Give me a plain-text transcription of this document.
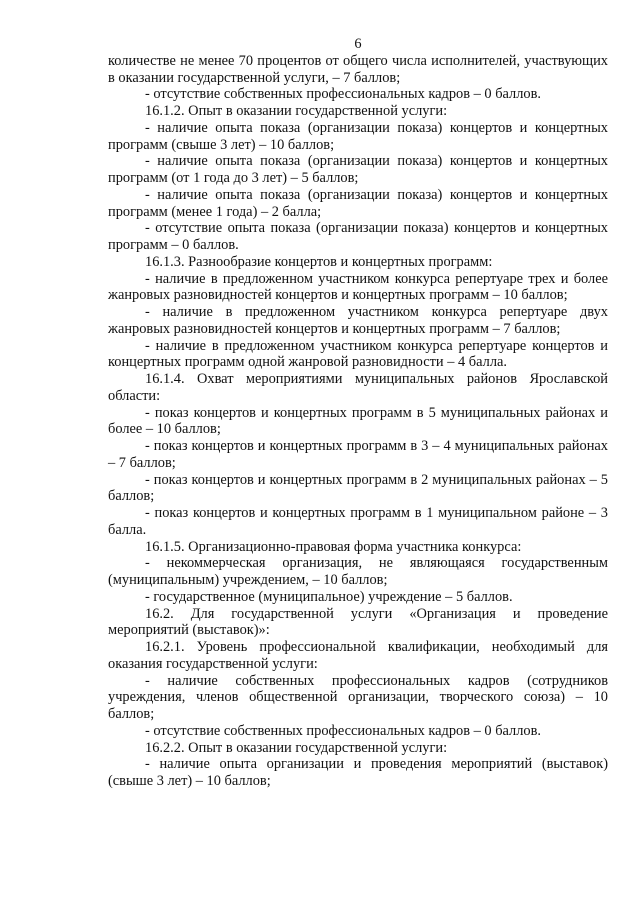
6

количестве не менее 70 процентов от общего числа исполнителей, участвующих в оказании государственной услуги, – 7 баллов;

- отсутствие собственных профессиональных кадров – 0 баллов.

16.1.2. Опыт в оказании государственной услуги:

- наличие опыта показа (организации показа) концертов и концертных программ (свыше 3 лет) – 10 баллов;

- наличие опыта показа (организации показа) концертов и концертных программ (от 1 года до 3 лет) – 5 баллов;

- наличие опыта показа (организации показа) концертов и концертных программ (менее 1 года) – 2 балла;

- отсутствие опыта показа (организации показа) концертов и концертных программ – 0 баллов.

16.1.3. Разнообразие концертов и концертных программ:

- наличие в предложенном участником конкурса репертуаре трех и более жанровых разновидностей концертов и концертных программ – 10 баллов;

- наличие в предложенном участником конкурса репертуаре двух жанровых разновидностей концертов и концертных программ – 7 баллов;

- наличие в предложенном участником конкурса репертуаре концертов и концертных программ одной жанровой разновидности – 4 балла.

16.1.4. Охват мероприятиями муниципальных районов Ярославской области:

- показ концертов и концертных программ в 5 муниципальных районах и более – 10 баллов;

- показ концертов и концертных программ в 3 – 4 муниципальных районах – 7 баллов;

- показ концертов и концертных программ в 2 муниципальных районах – 5 баллов;

- показ концертов и концертных программ в 1 муниципальном районе – 3 балла.

16.1.5. Организационно-правовая форма участника конкурса:

- некоммерческая организация, не являющаяся государственным (муниципальным) учреждением, – 10 баллов;

- государственное (муниципальное) учреждение – 5 баллов.

16.2. Для государственной услуги «Организация и проведение мероприятий (выставок)»:

16.2.1. Уровень профессиональной квалификации, необходимый для оказания государственной услуги:

- наличие собственных профессиональных кадров (сотрудников учреждения, членов общественной организации, творческого союза) – 10 баллов;

- отсутствие собственных профессиональных кадров – 0 баллов.

16.2.2. Опыт в оказании государственной услуги:

- наличие опыта организации и проведения мероприятий (выставок) (свыше 3 лет) – 10 баллов;
